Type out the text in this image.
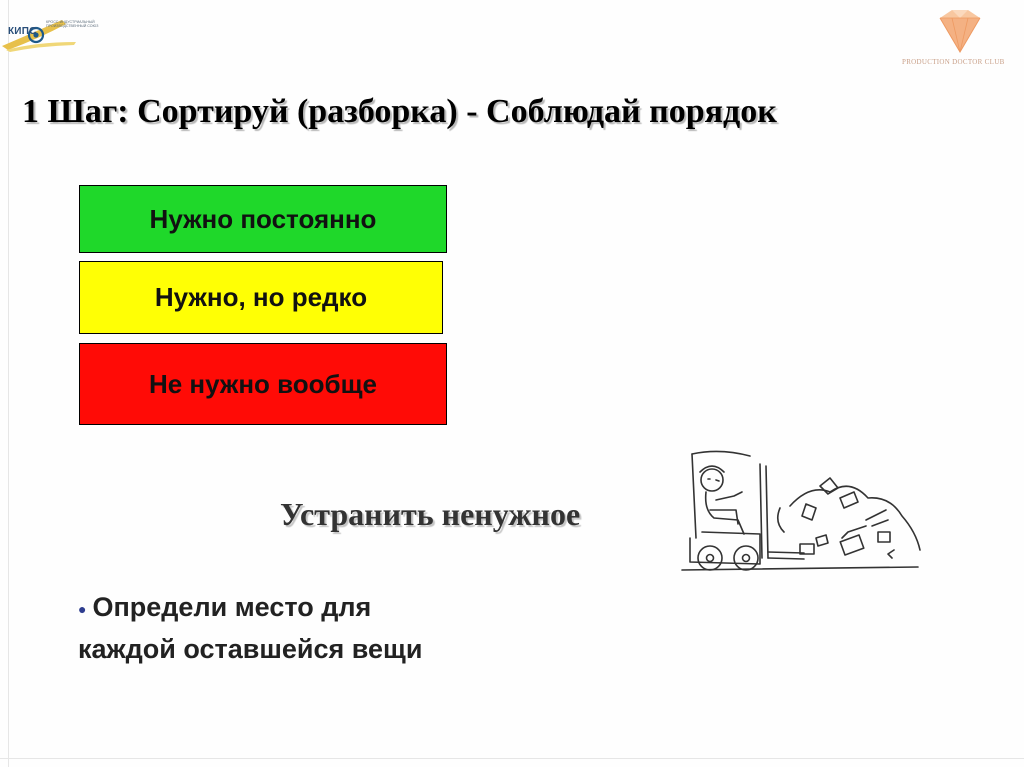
КИПС
КРОСС-ИНДУСТРИАЛЬНЫЙ ПРОИЗВОДСТВЕННЫЙ СОЮЗ
PRODUCTION DOCTOR CLUB
1 Шаг: Сортируй (разборка) - Соблюдай порядок
Нужно постоянно
Нужно, но редко
Не нужно вообще
Устранить ненужное
● Определи место для
каждой оставшейся вещи
